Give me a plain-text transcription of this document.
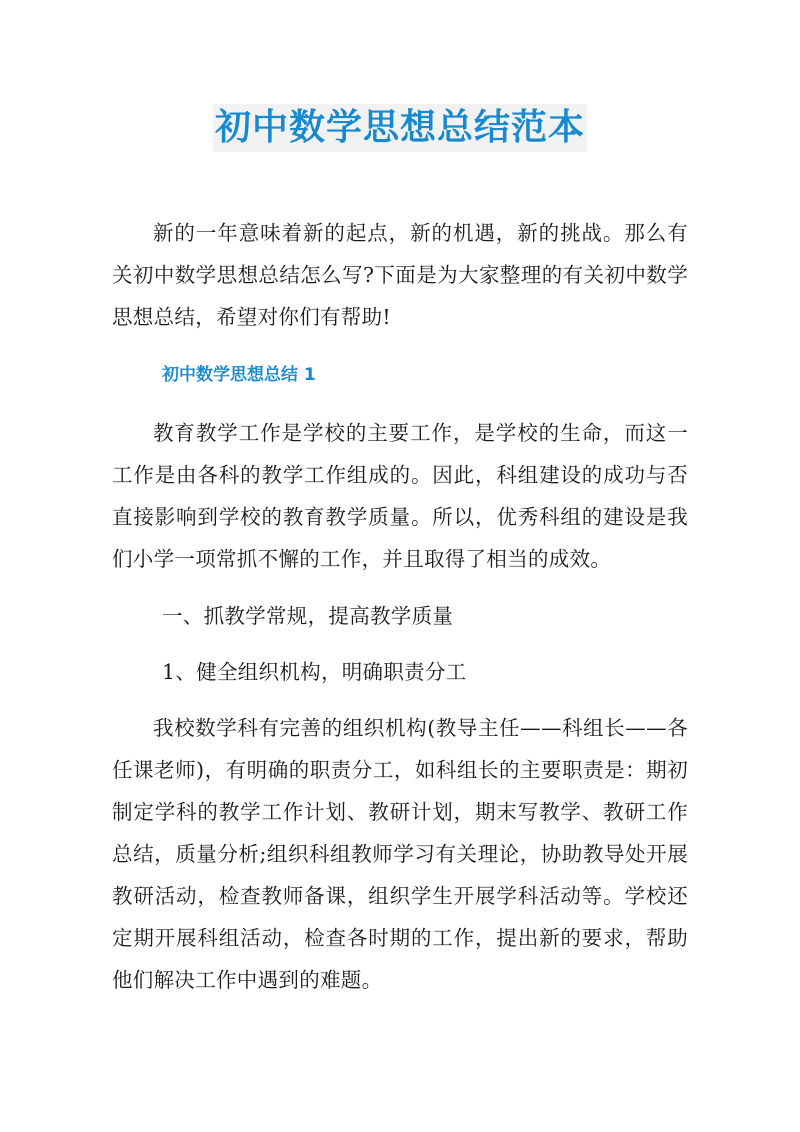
初中数学思想总结范本

新的一年意味着新的起点，新的机遇，新的挑战。那么有关初中数学思想总结怎么写?下面是为大家整理的有关初中数学思想总结，希望对你们有帮助!

初中数学思想总结 1

教育教学工作是学校的主要工作，是学校的生命，而这一工作是由各科的教学工作组成的。因此，科组建设的成功与否直接影响到学校的教育教学质量。所以，优秀科组的建设是我们小学一项常抓不懈的工作，并且取得了相当的成效。

一、抓教学常规，提高教学质量
1、健全组织机构，明确职责分工

我校数学科有完善的组织机构(教导主任——科组长——各任课老师)，有明确的职责分工，如科组长的主要职责是：期初制定学科的教学工作计划、教研计划，期末写教学、教研工作总结，质量分析;组织科组教师学习有关理论，协助教导处开展教研活动，检查教师备课，组织学生开展学科活动等。学校还定期开展科组活动，检查各时期的工作，提出新的要求，帮助他们解决工作中遇到的难题。
